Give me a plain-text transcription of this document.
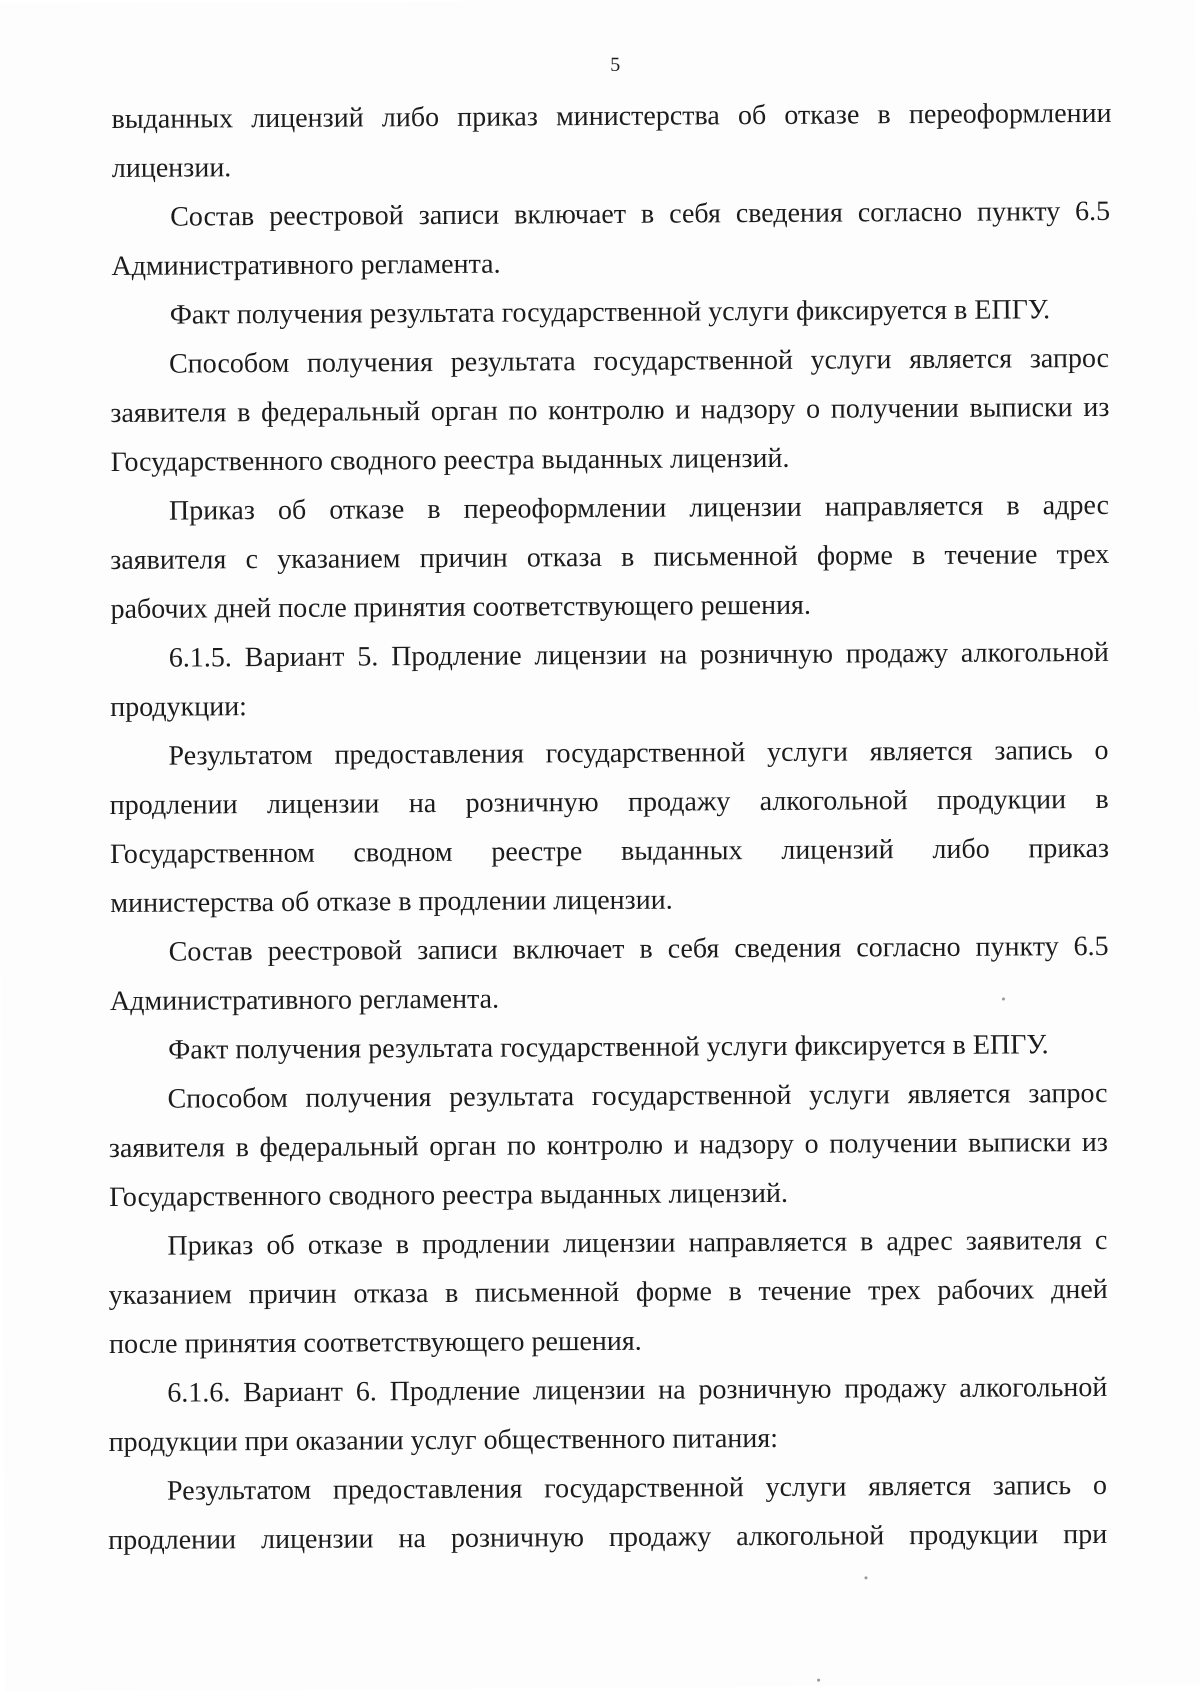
5
выданных лицензий либо приказ министерства об отказе в переоформлении
лицензии.
Состав реестровой записи включает в себя сведения согласно пункту 6.5
Административного регламента.
Факт получения результата государственной услуги фиксируется в ЕПГУ.
Способом получения результата государственной услуги является запрос
заявителя в федеральный орган по контролю и надзору о получении выписки из
Государственного сводного реестра выданных лицензий.
Приказ об отказе в переоформлении лицензии направляется в адрес
заявителя с указанием причин отказа в письменной форме в течение трех
рабочих дней после принятия соответствующего решения.
6.1.5. Вариант 5. Продление лицензии на розничную продажу алкогольной
продукции:
Результатом предоставления государственной услуги является запись о
продлении лицензии на розничную продажу алкогольной продукции в
Государственном сводном реестре выданных лицензий либо приказ
министерства об отказе в продлении лицензии.
Состав реестровой записи включает в себя сведения согласно пункту 6.5
Административного регламента.
Факт получения результата государственной услуги фиксируется в ЕПГУ.
Способом получения результата государственной услуги является запрос
заявителя в федеральный орган по контролю и надзору о получении выписки из
Государственного сводного реестра выданных лицензий.
Приказ об отказе в продлении лицензии направляется в адрес заявителя с
указанием причин отказа в письменной форме в течение трех рабочих дней
после принятия соответствующего решения.
6.1.6. Вариант 6. Продление лицензии на розничную продажу алкогольной
продукции при оказании услуг общественного питания:
Результатом предоставления государственной услуги является запись о
продлении лицензии на розничную продажу алкогольной продукции при
